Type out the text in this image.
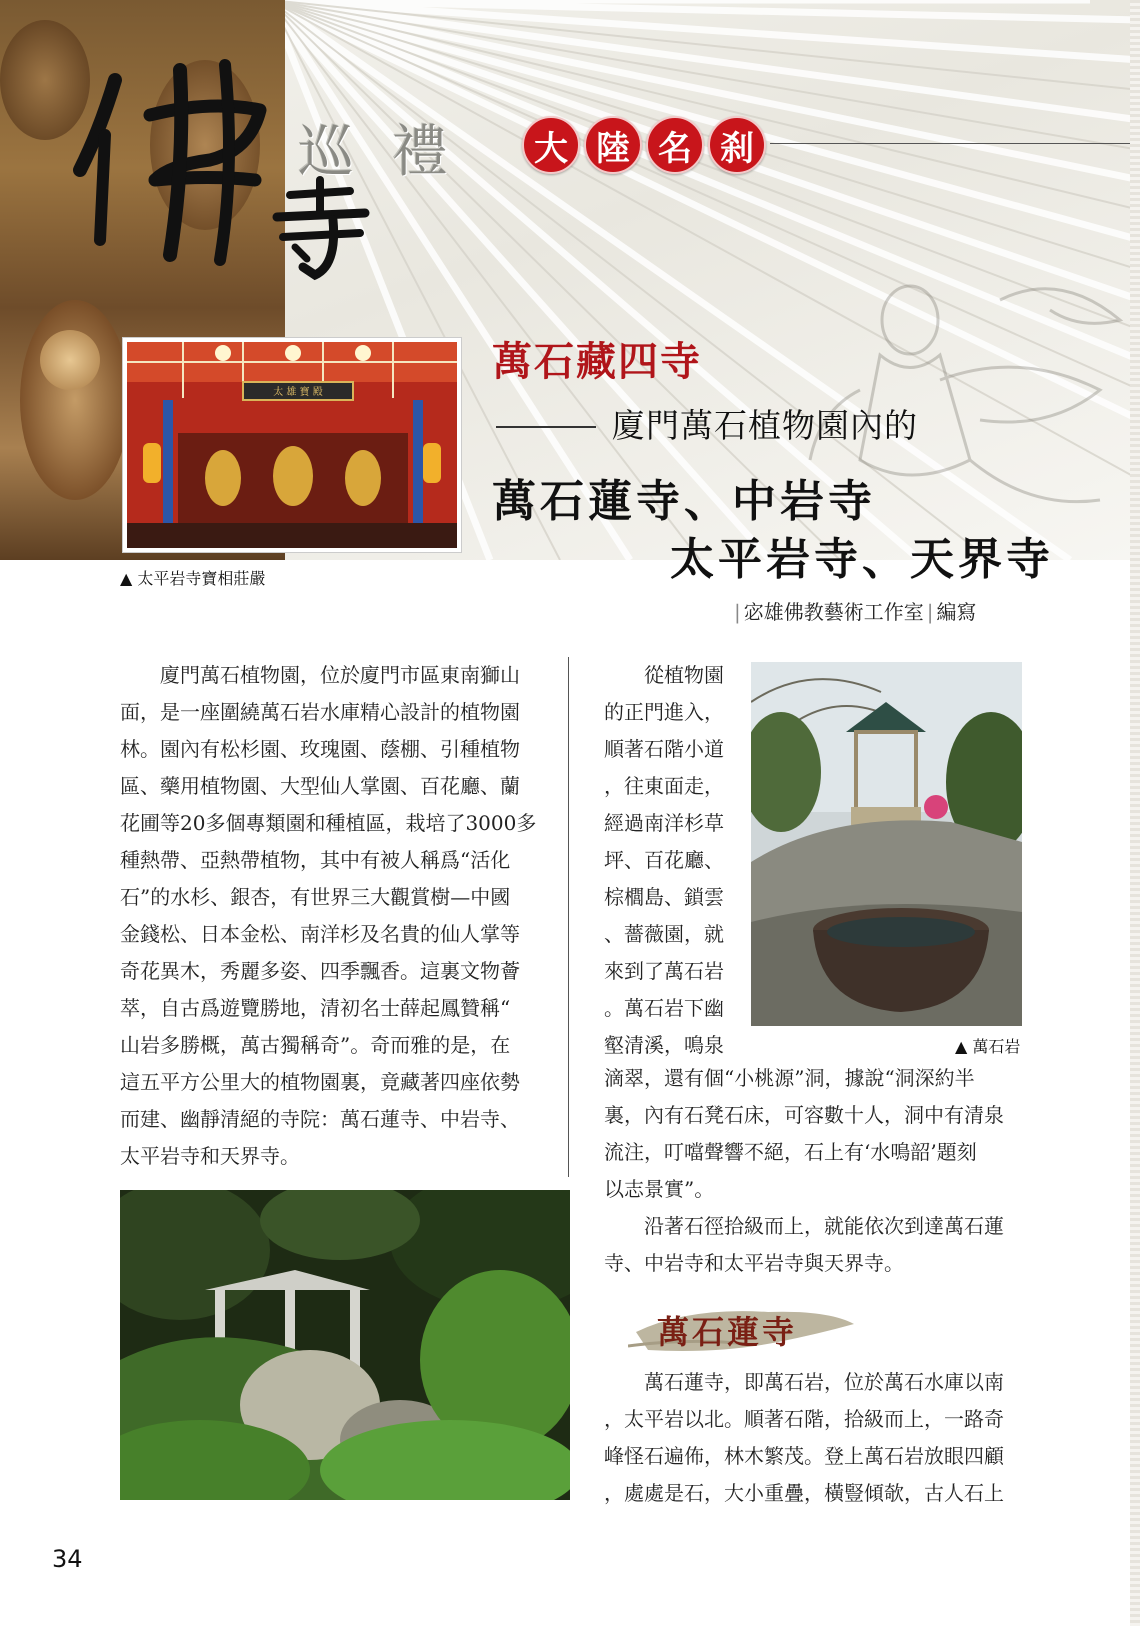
巡 禮	大 陸 名 刹
太 雄 寶 殿
▲ 太平岩寺寶相莊嚴
萬石藏四寺
廈門萬石植物園內的
萬石蓮寺、中岩寺
太平岩寺、天界寺
| 宓雄佛教藝術工作室 | 編寫

廈門萬石植物園，位於廈門市區東南獅山

面，是一座圍繞萬石岩水庫精心設計的植物園
林。園內有松杉園、玫瑰園、蔭棚、引種植物
區、藥用植物園、大型仙人掌園、百花廳、蘭
花圃等20多個專類園和種植區，栽培了3000多
種熱帶、亞熱帶植物，其中有被人稱爲“活化
石”的水杉、銀杏，有世界三大觀賞樹—中國
金錢松、日本金松、南洋杉及名貴的仙人掌等
奇花異木，秀麗多姿、四季飄香。這裏文物薈
萃，自古爲遊覽勝地，清初名士薛起鳳贊稱“
山岩多勝概，萬古獨稱奇”。奇而雅的是，在
這五平方公里大的植物園裏，竟藏著四座依勢
而建、幽靜清絕的寺院：萬石蓮寺、中岩寺、
太平岩寺和天界寺。

從植物園

的正門進入，
順著石階小道
，往東面走，
經過南洋杉草
坪、百花廳、
棕櫚島、鎖雲
、薔薇園，就
來到了萬石岩
。萬石岩下幽
壑清溪，鳴泉	▲ 萬石岩
滴翠，還有個“小桃源”洞，據說“洞深約半
裏，內有石凳石床，可容數十人，洞中有清泉
流注，叮噹聲響不絕，石上有‘水鳴韶’題刻
以志景實”。

沿著石徑拾級而上，就能依次到達萬石蓮

寺、中岩寺和太平岩寺與天界寺。
萬石蓮寺

萬石蓮寺，即萬石岩，位於萬石水庫以南

，太平岩以北。順著石階，拾級而上，一路奇
峰怪石遍佈，林木繁茂。登上萬石岩放眼四顧
，處處是石，大小重疊，橫豎傾欹，古人石上
34
